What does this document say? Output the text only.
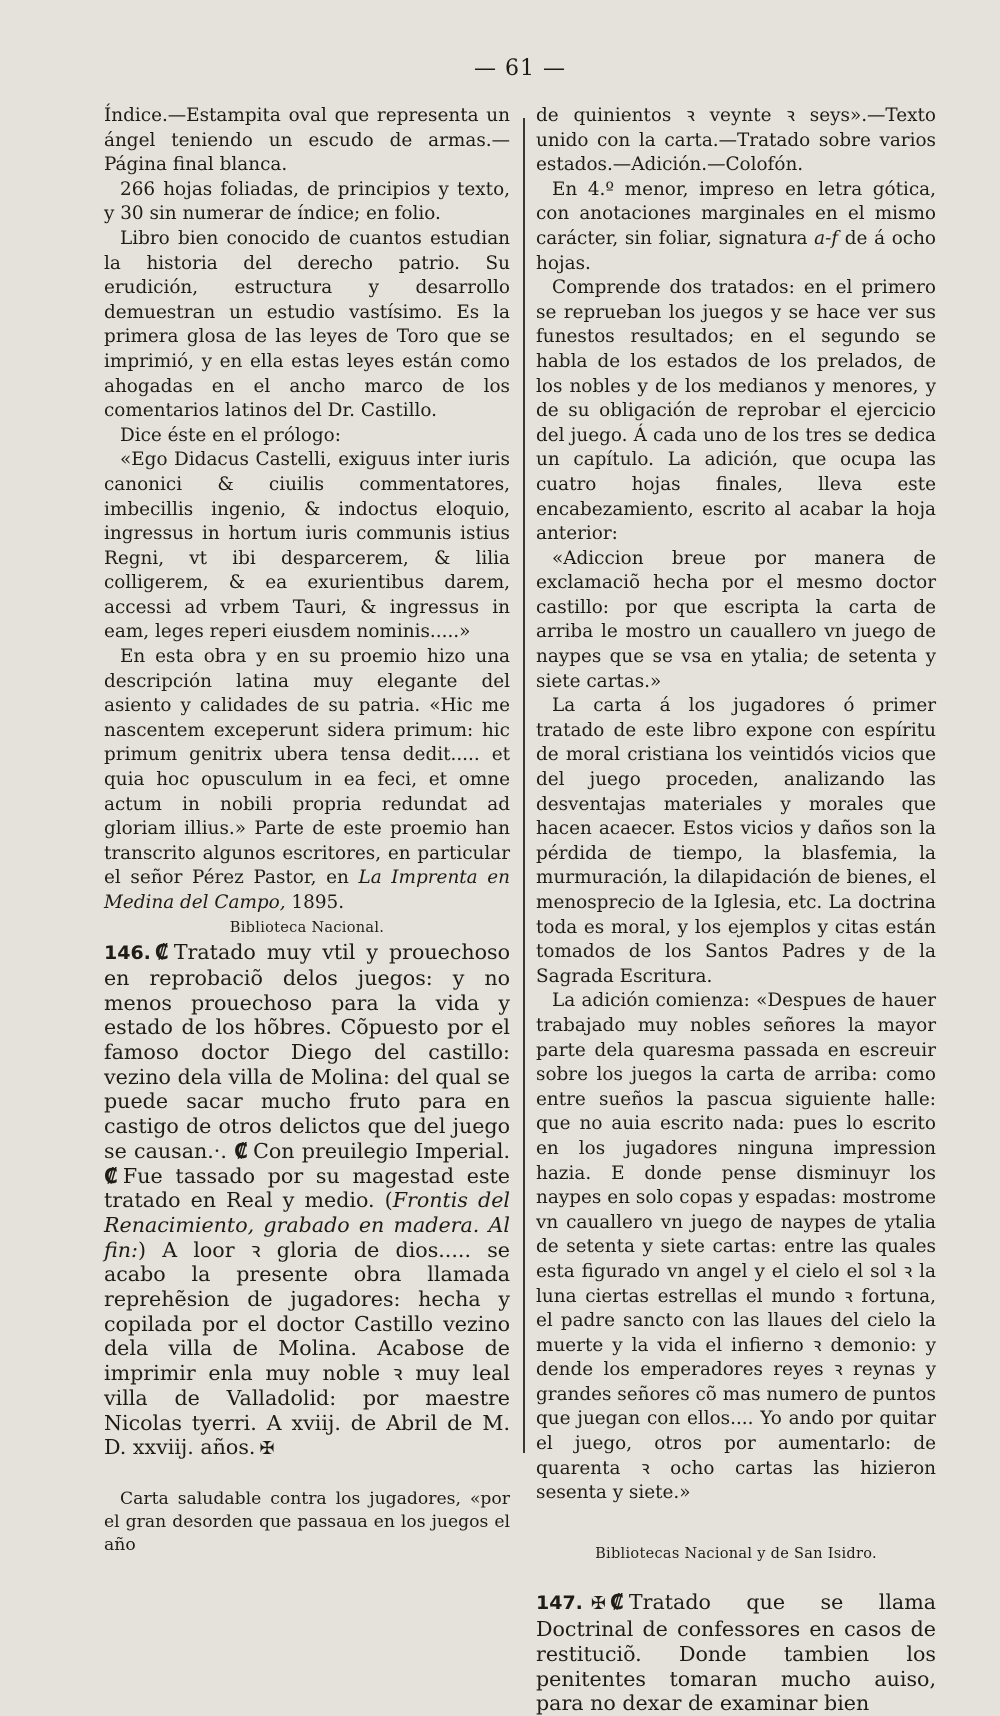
— 61 —

Índice.—Estampita oval que representa un ángel teniendo un escudo de armas.—Página final blanca.

266 hojas foliadas, de principios y texto, y 30 sin numerar de índice; en folio.

Libro bien conocido de cuantos estudian la historia del derecho patrio. Su erudición, estructura y desarrollo demuestran un estudio vastísimo. Es la primera glosa de las leyes de Toro que se imprimió, y en ella estas leyes están como ahogadas en el ancho marco de los comentarios latinos del Dr. Castillo.

Dice éste en el prólogo:

«Ego Didacus Castelli, exiguus inter iuris canonici & ciuilis commentatores, imbecillis ingenio, & indoctus eloquio, ingressus in hortum iuris communis istius Regni, vt ibi desparcerem, & lilia colligerem, & ea exurientibus darem, accessi ad vrbem Tauri, & ingressus in eam, leges reperi eiusdem nominis.....»

En esta obra y en su proemio hizo una descripción latina muy elegante del asiento y calidades de su patria. «Hic me nascentem exceperunt sidera primum: hic primum genitrix ubera tensa dedit..... et quia hoc opusculum in ea feci, et omne actum in nobili propria redundat ad gloriam illius.» Parte de este proemio han transcrito algunos escritores, en particular el señor Pérez Pastor, en La Imprenta en Medina del Campo, 1895.

Biblioteca Nacional.

146. ₡ Tratado muy vtil y prouechoso en reprobaciõ delos juegos: y no menos prouechoso para la vida y estado de los hõbres. Cõpuesto por el famoso doctor Diego del castillo: vezino dela villa de Molina: del qual se puede sacar mucho fruto para en castigo de otros delictos que del juego se causan.·. ₡ Con preuilegio Imperial. ₡ Fue tassado por su magestad este tratado en Real y medio. (Frontis del Renacimiento, grabado en madera. Al fin:) A loor ꝛ gloria de dios..... se acabo la presente obra llamada reprehẽsion de jugadores: hecha y copilada por el doctor Castillo vezino dela villa de Molina. Acabose de imprimir enla muy noble ꝛ muy leal villa de Valladolid: por maestre Nicolas tyerri. A xviij. de Abril de M. D. xxviij. años. ✠

Carta saludable contra los jugadores, «por el gran desorden que passaua en los juegos el año

de quinientos ꝛ veynte ꝛ seys».—Texto unido con la carta.—Tratado sobre varios estados.—Adición.—Colofón.

En 4.º menor, impreso en letra gótica, con anotaciones marginales en el mismo carácter, sin foliar, signatura a-f de á ocho hojas.

Comprende dos tratados: en el primero se reprueban los juegos y se hace ver sus funestos resultados; en el segundo se habla de los estados de los prelados, de los nobles y de los medianos y menores, y de su obligación de reprobar el ejercicio del juego. Á cada uno de los tres se dedica un capítulo. La adición, que ocupa las cuatro hojas finales, lleva este encabezamiento, escrito al acabar la hoja anterior:

«Adiccion breue por manera de exclamaciõ hecha por el mesmo doctor castillo: por que escripta la carta de arriba le mostro un cauallero vn juego de naypes que se vsa en ytalia; de setenta y siete cartas.»

La carta á los jugadores ó primer tratado de este libro expone con espíritu de moral cristiana los veintidós vicios que del juego proceden, analizando las desventajas materiales y morales que hacen acaecer. Estos vicios y daños son la pérdida de tiempo, la blasfemia, la murmuración, la dilapidación de bienes, el menosprecio de la Iglesia, etc. La doctrina toda es moral, y los ejemplos y citas están tomados de los Santos Padres y de la Sagrada Escritura.

La adición comienza: «Despues de hauer trabajado muy nobles señores la mayor parte dela quaresma passada en escreuir sobre los juegos la carta de arriba: como entre sueños la pascua siguiente halle: que no auia escrito nada: pues lo escrito en los jugadores ninguna impression hazia. E donde pense disminuyr los naypes en solo copas y espadas: mostrome vn cauallero vn juego de naypes de ytalia de setenta y siete cartas: entre las quales esta figurado vn angel y el cielo el sol ꝛ la luna ciertas estrellas el mundo ꝛ fortuna, el padre sancto con las llaues del cielo la muerte y la vida el infierno ꝛ demonio: y dende los emperadores reyes ꝛ reynas y grandes señores cõ mas numero de puntos que juegan con ellos.... Yo ando por quitar el juego, otros por aumentarlo: de quarenta ꝛ ocho cartas las hizieron sesenta y siete.»

Bibliotecas Nacional y de San Isidro.

147. ✠ ₡ Tratado que se llama Doctrinal de confessores en casos de restituciõ. Donde tambien los penitentes tomaran mucho auiso, para no dexar de examinar bien
